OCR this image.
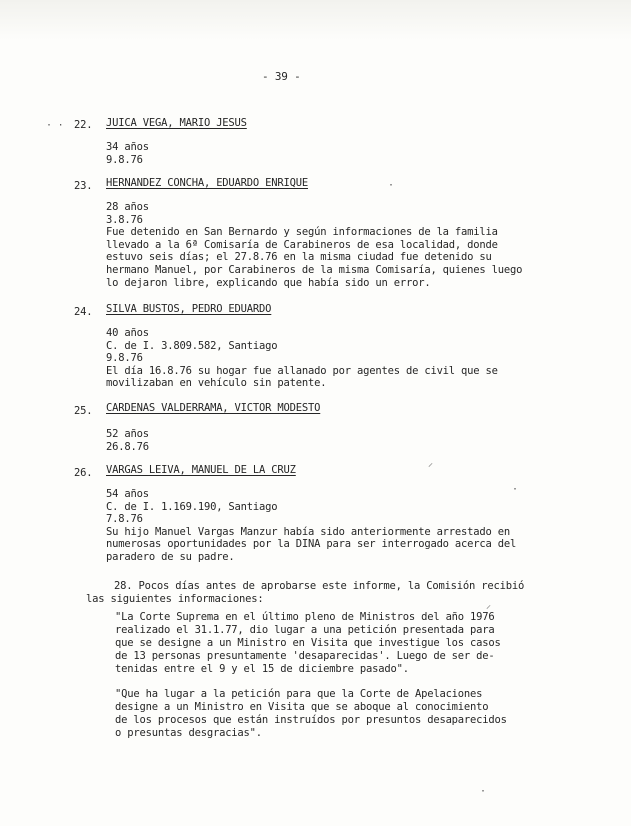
- 39 -
22. JUICA VEGA, MARIO JESUS
34 años
9.8.76
23. HERNANDEZ CONCHA, EDUARDO ENRIQUE
28 años
3.8.76
Fue detenido en San Bernardo y según informaciones de la familia
llevado a la 6ª Comisaría de Carabineros de esa localidad, donde
estuvo seis días; el 27.8.76 en la misma ciudad fue detenido su
hermano Manuel, por Carabineros de la misma Comisaría, quienes luego
lo dejaron libre, explicando que había sido un error.
24. SILVA BUSTOS, PEDRO EDUARDO
40 años
C. de I. 3.809.582, Santiago
9.8.76
El día 16.8.76 su hogar fue allanado por agentes de civil que se
movilizaban en vehículo sin patente.
25. CARDENAS VALDERRAMA, VICTOR MODESTO
52 años
26.8.76
26. VARGAS LEIVA, MANUEL DE LA CRUZ
54 años
C. de I. 1.169.190, Santiago
7.8.76
Su hijo Manuel Vargas Manzur había sido anteriormente arrestado en
numerosas oportunidades por la DINA para ser interrogado acerca del
paradero de su padre.
28. Pocos días antes de aprobarse este informe, la Comisión recibió
las siguientes informaciones:
"La Corte Suprema en el último pleno de Ministros del año 1976
realizado el 31.1.77, dio lugar a una petición presentada para
que se designe a un Ministro en Visita que investigue los casos
de 13 personas presuntamente 'desaparecidas'. Luego de ser de-
tenidas entre el 9 y el 15 de diciembre pasado".
"Que ha lugar a la petición para que la Corte de Apelaciones
designe a un Ministro en Visita que se aboque al conocimiento
de los procesos que están instruídos por presuntos desaparecidos
o presuntas desgracias".
· ·
·
⸝
·
⸝
·
